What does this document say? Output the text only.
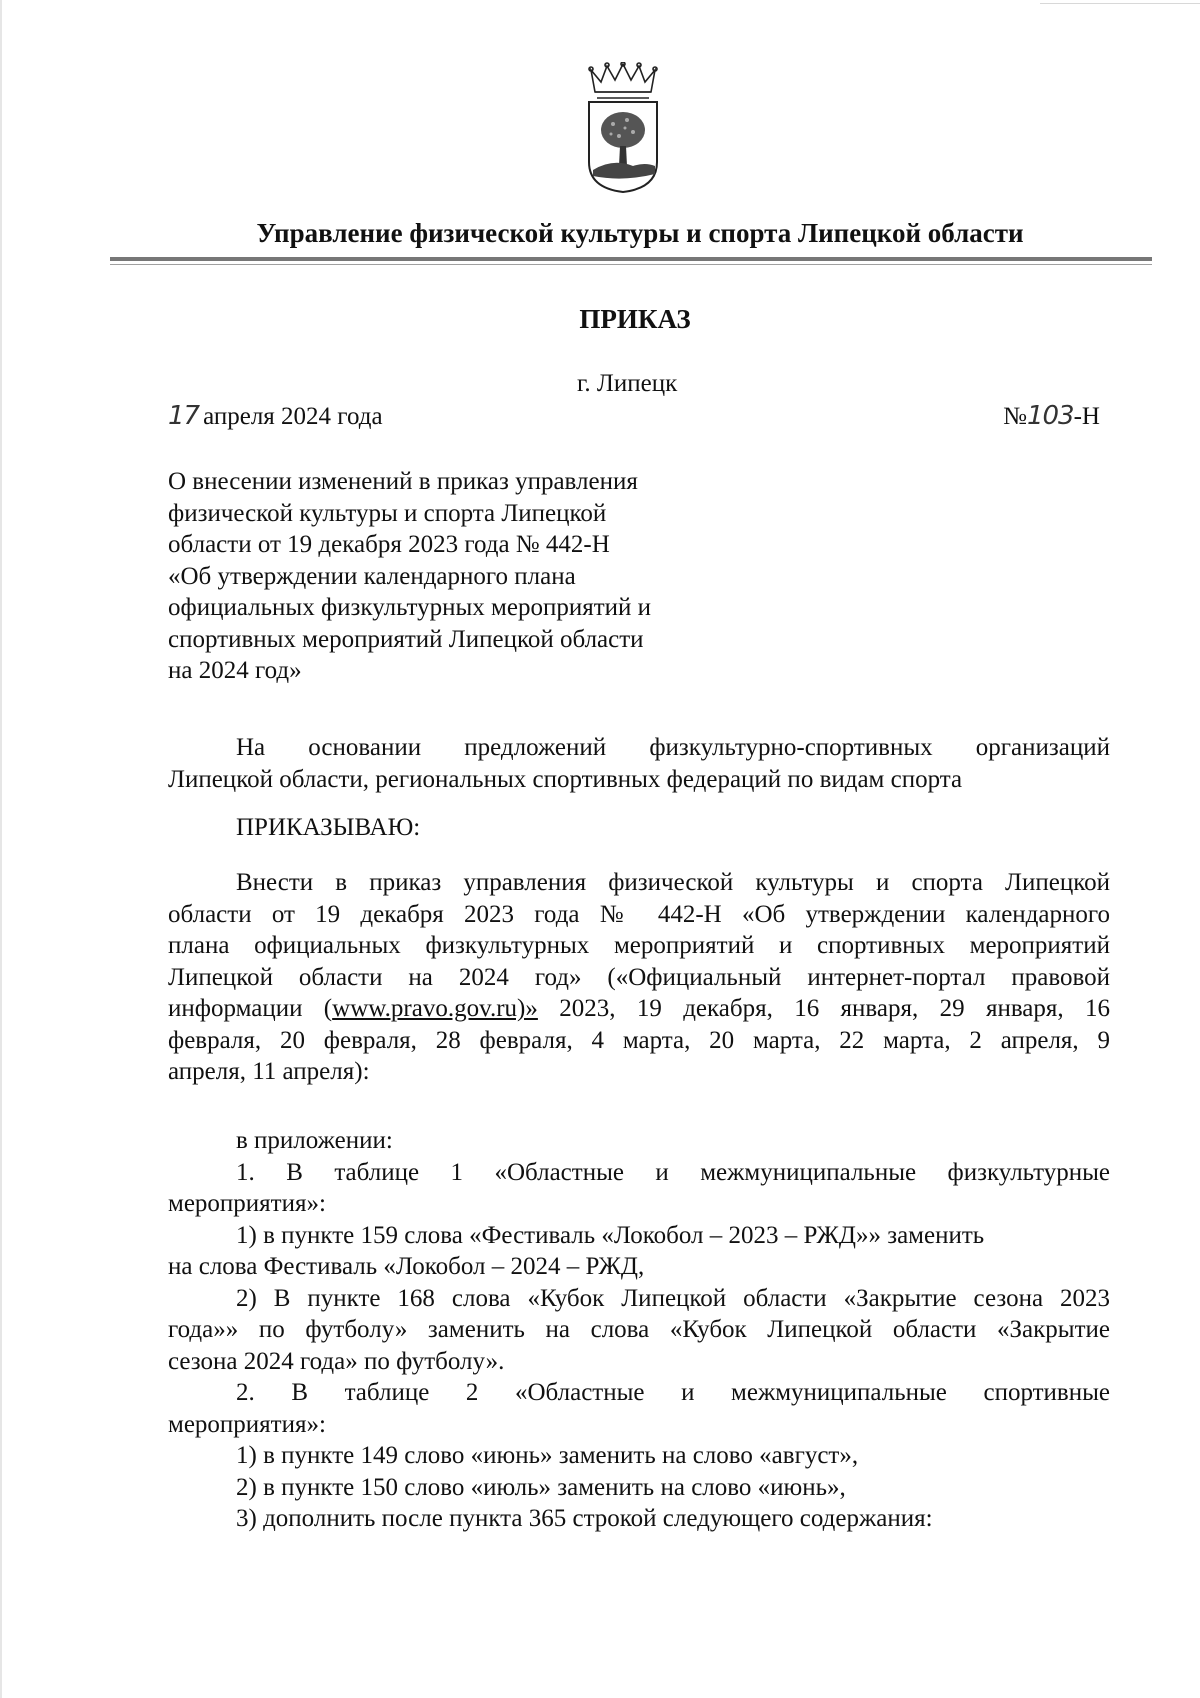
Управление физической культуры и спорта Липецкой области
ПРИКАЗ
г. Липецк
17 апреля 2024 года	№103-Н
О внесении изменений в приказ управления
физической культуры и спорта Липецкой
области от 19 декабря 2023 года № 442-Н
«Об утверждении календарного плана
официальных физкультурных мероприятий и
спортивных мероприятий Липецкой области
на 2024 год»
На основании предложений физкультурно-спортивных организаций
Липецкой области, региональных спортивных федераций по видам спорта
ПРИКАЗЫВАЮ:
Внести в приказ управления физической культуры и спорта Липецкой
области от 19 декабря 2023 года № 442-Н «Об утверждении календарного
плана официальных физкультурных мероприятий и спортивных мероприятий
Липецкой области на 2024 год» («Официальный интернет-портал правовой
информации (www.pravo.gov.ru)» 2023, 19 декабря, 16 января, 29 января, 16
февраля, 20 февраля, 28 февраля, 4 марта, 20 марта, 22 марта, 2 апреля, 9
апреля, 11 апреля):
в приложении:
1. В таблице 1 «Областные и межмуниципальные физкультурные
мероприятия»:
1) в пункте 159 слова «Фестиваль «Локобол – 2023 – РЖД»» заменить
на слова Фестиваль «Локобол – 2024 – РЖД,
2) В пункте 168 слова «Кубок Липецкой области «Закрытие сезона 2023
года»» по футболу» заменить на слова «Кубок Липецкой области «Закрытие
сезона 2024 года» по футболу».
2. В таблице 2 «Областные и межмуниципальные спортивные
мероприятия»:
1) в пункте 149 слово «июнь» заменить на слово «август»,
2) в пункте 150 слово «июль» заменить на слово «июнь»,
3) дополнить после пункта 365 строкой следующего содержания:
